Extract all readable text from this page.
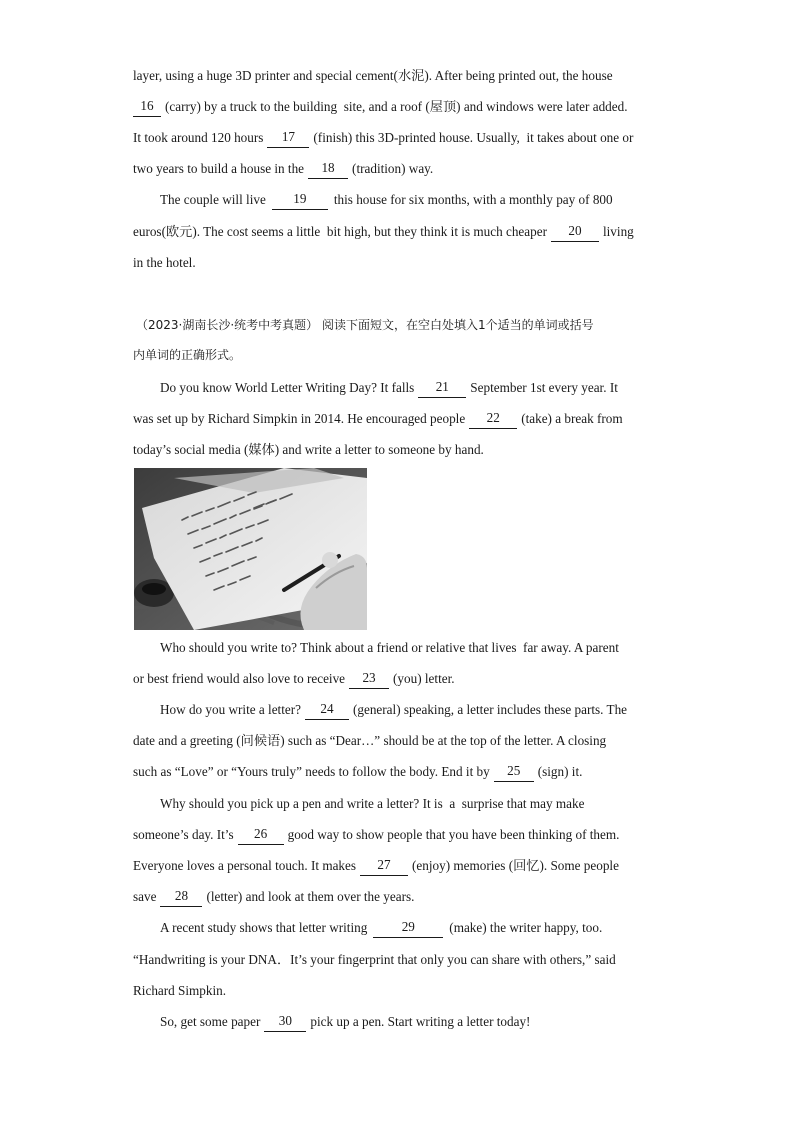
layer, using a huge 3D printer and special cement(水泥). After being printed out, the house
16 (carry) by a truck to the building  site, and a roof (屋顶) and windows were later added.
It took around 120 hours	17	(finish) this 3D-printed house. Usually,  it takes about one or
two years to build a house in the	18	(tradition) way.
The couple will live	19	this house for six months, with a monthly pay of 800
euros(欧元). The cost seems a little  bit high, but they think it is much cheaper	20	living
in the hotel.
（2023·湖南长沙·统考中考真题） 阅读下面短文，在空白处填入1个适当的单词或括号
内单词的正确形式。
Do you know World Letter Writing Day? It falls	21	September 1st every year. It
was set up by Richard Simpkin in 2014. He encouraged people	22	(take) a break from
today’s social media (媒体) and write a letter to someone by hand.
Who should you write to? Think about a friend or relative that lives  far away. A parent
or best friend would also love to receive	23	(you) letter.
How do you write a letter?	24	(general) speaking, a letter includes these parts. The
date and a greeting (问候语) such as “Dear…” should be at the top of the letter. A closing
such as “Love” or “Yours truly” needs to follow the body. End it by	25	(sign) it.
Why should you pick up a pen and write a letter? It is  a  surprise that may make
someone’s day. It’s	26	good way to show people that you have been thinking of them.
Everyone loves a personal touch. It makes	27	(enjoy) memories (回忆). Some people
save	28	(letter) and look at them over the years.
A recent study shows that letter writing	29	(make) the writer happy, too.
“Handwriting is your DNA．It’s your fingerprint that only you can share with others,” said
Richard Simpkin.
So, get some paper	30	pick up a pen. Start writing a letter today!
